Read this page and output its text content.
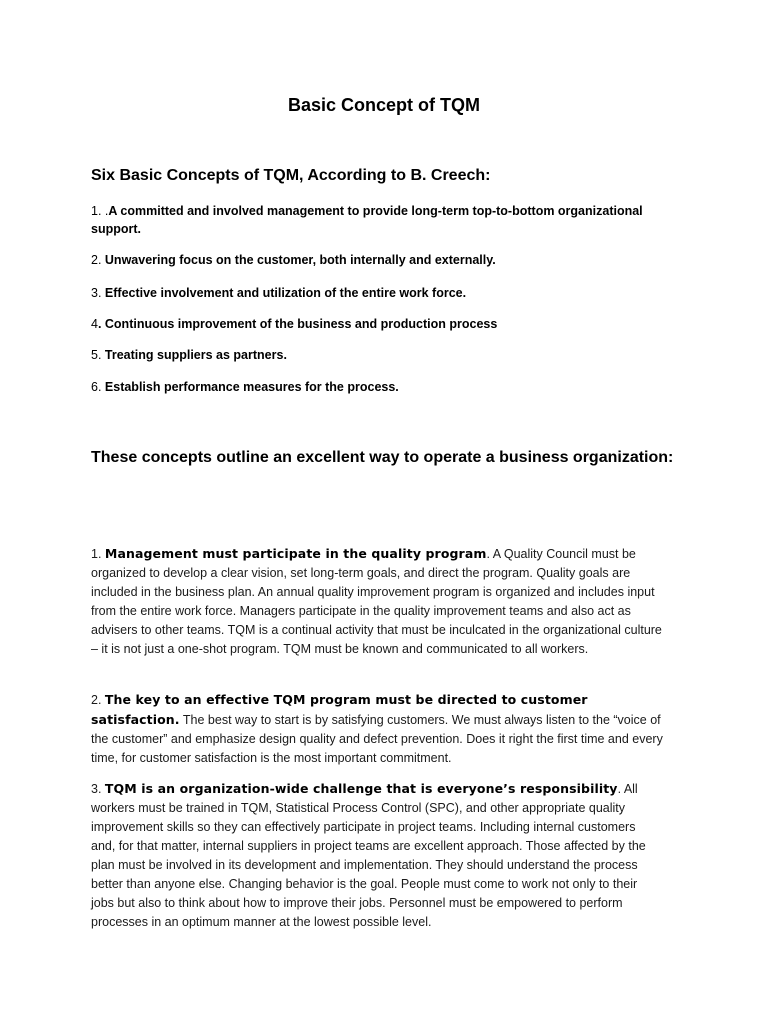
Basic Concept of TQM
Six Basic Concepts of TQM, According to B. Creech:
1. .A committed and involved management to provide long-term top-to-bottom organizational support.
2. Unwavering focus on the customer, both internally and externally.
3. Effective involvement and utilization of the entire work force.
4. Continuous improvement of the business and production process
5. Treating suppliers as partners.
6. Establish performance measures for the process.
These concepts outline an excellent way to operate a business organization:
1. Management must participate in the quality program. A Quality Council must be organized to develop a clear vision, set long-term goals, and direct the program. Quality goals are included in the business plan. An annual quality improvement program is organized and includes input from the entire work force. Managers participate in the quality improvement teams and also act as advisers to other teams. TQM is a continual activity that must be inculcated in the organizational culture – it is not just a one-shot program. TQM must be known and communicated to all workers.
2. The key to an effective TQM program must be directed to customer satisfaction. The best way to start is by satisfying customers. We must always listen to the “voice of the customer” and emphasize design quality and defect prevention. Does it right the first time and every time, for customer satisfaction is the most important commitment.
3. TQM is an organization-wide challenge that is everyone’s responsibility. All workers must be trained in TQM, Statistical Process Control (SPC), and other appropriate quality improvement skills so they can effectively participate in project teams. Including internal customers and, for that matter, internal suppliers in project teams are excellent approach. Those affected by the plan must be involved in its development and implementation. They should understand the process better than anyone else. Changing behavior is the goal. People must come to work not only to their jobs but also to think about how to improve their jobs. Personnel must be empowered to perform processes in an optimum manner at the lowest possible level.
